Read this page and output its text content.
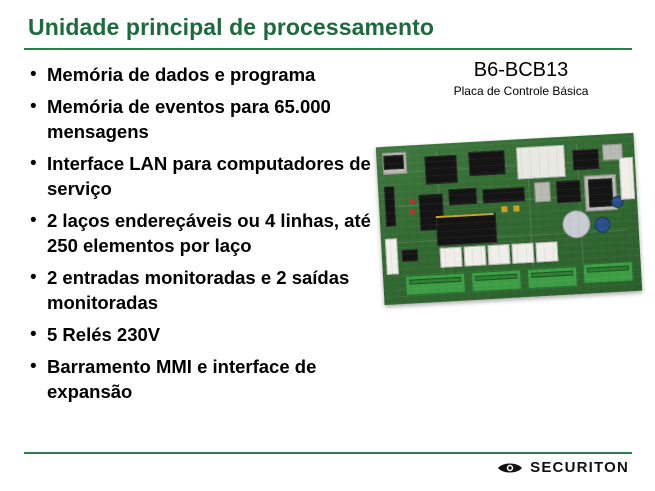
Unidade principal de processamento
• Memória de dados e programa
• Memória de eventos para 65.000 mensagens
• Interface LAN para computadores de serviço
• 2 laços endereçáveis ou 4 linhas, até 250 elementos por laço
• 2 entradas monitoradas e 2 saídas monitoradas
• 5 Relés 230V
• Barramento MMI e interface de expansão
B6-BCB13
Placa de Controle Básica
SECURITON
